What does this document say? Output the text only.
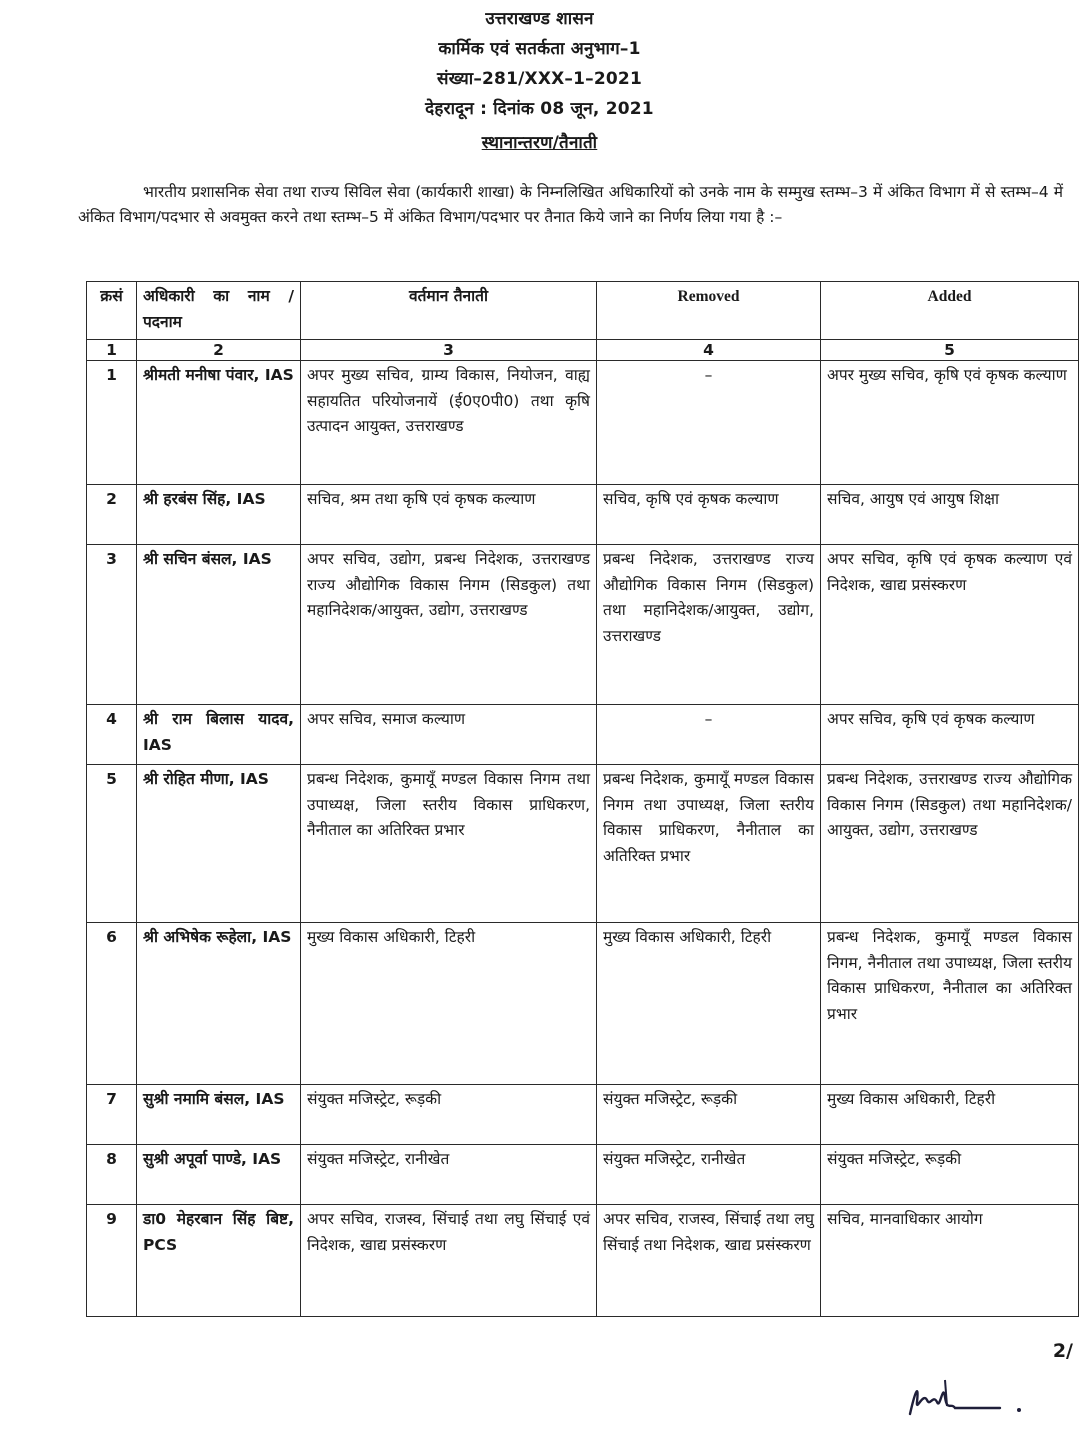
उत्तराखण्ड शासन
कार्मिक एवं सतर्कता अनुभाग–1
संख्या–281/XXX–1–2021
देहरादून : दिनांक 08 जून, 2021
स्थानान्तरण/तैनाती
भारतीय प्रशासनिक सेवा तथा राज्य सिविल सेवा (कार्यकारी शाखा) के निम्नलिखित अधिकारियों को उनके नाम के सम्मुख स्तम्भ–3 में अंकित विभाग में से स्तम्भ–4 में अंकित विभाग/पदभार से अवमुक्त करने तथा स्तम्भ–5 में अंकित विभाग/पदभार पर तैनात किये जाने का निर्णय लिया गया है :–
क्रसं	अधिकारी का नाम / पदनाम	वर्तमान तैनाती	Removed	Added
1	2	3	4	5
1	श्रीमती मनीषा पंवार, IAS	अपर मुख्य सचिव, ग्राम्य विकास, नियोजन, वाह्य सहायतित परियोजनायें (ई0ए0पी0) तथा कृषि उत्पादन आयुक्त, उत्तराखण्ड	–	अपर मुख्य सचिव, कृषि एवं कृषक कल्याण
2	श्री हरबंस सिंह, IAS	सचिव, श्रम तथा कृषि एवं कृषक कल्याण	सचिव, कृषि एवं कृषक कल्याण	सचिव, आयुष एवं आयुष शिक्षा
3	श्री सचिन बंसल, IAS	अपर सचिव, उद्योग, प्रबन्ध निदेशक, उत्तराखण्ड राज्य औद्योगिक विकास निगम (सिडकुल) तथा महानिदेशक/आयुक्त, उद्योग, उत्तराखण्ड	प्रबन्ध निदेशक, उत्तराखण्ड राज्य औद्योगिक विकास निगम (सिडकुल) तथा महानिदेशक/आयुक्त, उद्योग, उत्तराखण्ड	अपर सचिव, कृषि एवं कृषक कल्याण एवं निदेशक, खाद्य प्रसंस्करण
4	श्री राम बिलास यादव, IAS	अपर सचिव, समाज कल्याण	–	अपर सचिव, कृषि एवं कृषक कल्याण
5	श्री रोहित मीणा, IAS	प्रबन्ध निदेशक, कुमायूँ मण्डल विकास निगम तथा उपाध्यक्ष, जिला स्तरीय विकास प्राधिकरण, नैनीताल का अतिरिक्त प्रभार	प्रबन्ध निदेशक, कुमायूँ मण्डल विकास निगम तथा उपाध्यक्ष, जिला स्तरीय विकास प्राधिकरण, नैनीताल का अतिरिक्त प्रभार	प्रबन्ध निदेशक, उत्तराखण्ड राज्य औद्योगिक विकास निगम (सिडकुल) तथा महानिदेशक/आयुक्त, उद्योग, उत्तराखण्ड
6	श्री अभिषेक रूहेला, IAS	मुख्य विकास अधिकारी, टिहरी	मुख्य विकास अधिकारी, टिहरी	प्रबन्ध निदेशक, कुमायूँ मण्डल विकास निगम, नैनीताल तथा उपाध्यक्ष, जिला स्तरीय विकास प्राधिकरण, नैनीताल का अतिरिक्त प्रभार
7	सुश्री नमामि बंसल, IAS	संयुक्त मजिस्ट्रेट, रूड़की	संयुक्त मजिस्ट्रेट, रूड़की	मुख्य विकास अधिकारी, टिहरी
8	सुश्री अपूर्वा पाण्डे, IAS	संयुक्त मजिस्ट्रेट, रानीखेत	संयुक्त मजिस्ट्रेट, रानीखेत	संयुक्त मजिस्ट्रेट, रूड़की
9	डा0 मेहरबान सिंह बिष्ट, PCS	अपर सचिव, राजस्व, सिंचाई तथा लघु सिंचाई एवं निदेशक, खाद्य प्रसंस्करण	अपर सचिव, राजस्व, सिंचाई तथा लघु सिंचाई तथा निदेशक, खाद्य प्रसंस्करण	सचिव, मानवाधिकार आयोग
2/
